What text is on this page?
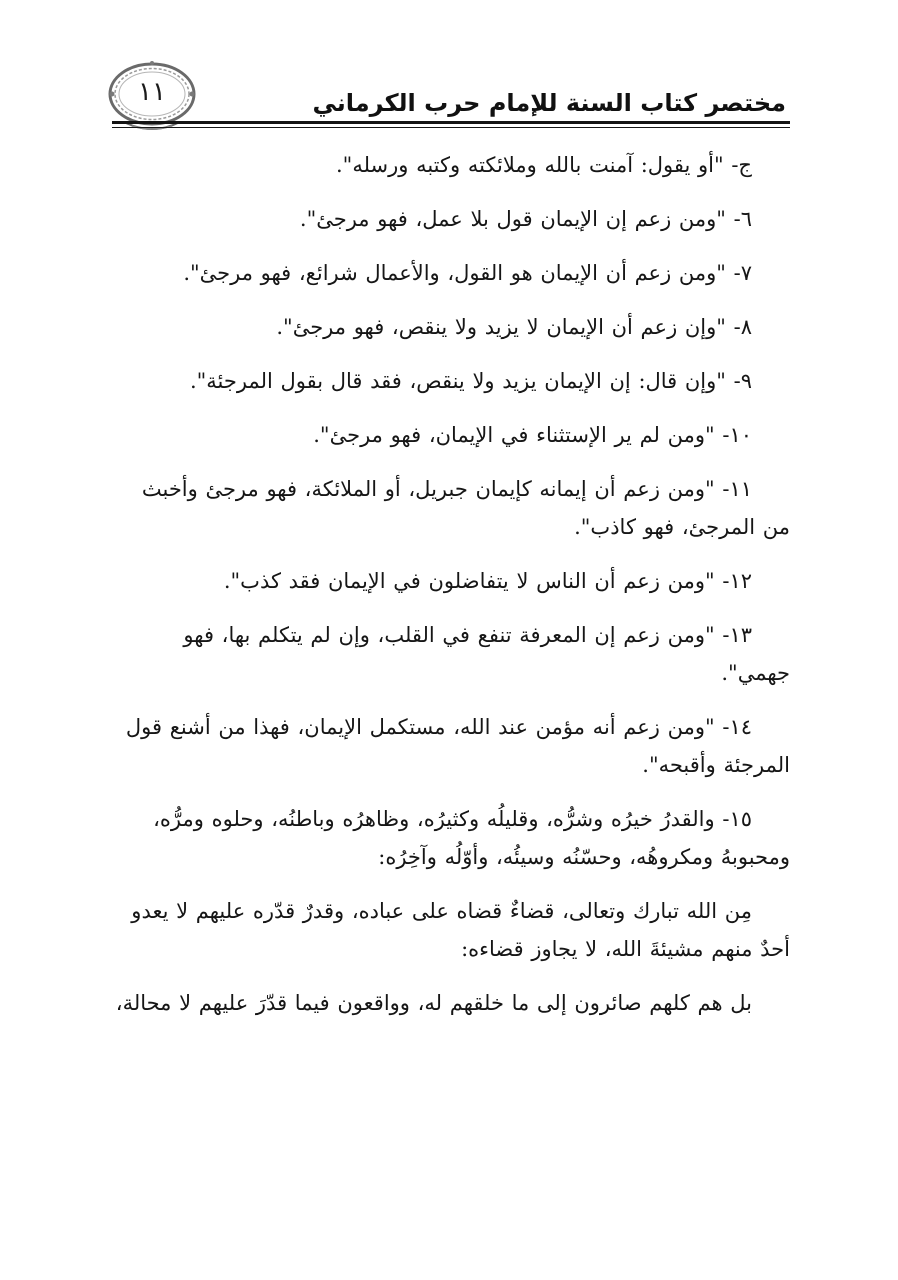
مختصر كتاب السنة للإمام حرب الكرماني
١١

ج- "أو يقول: آمنت بالله وملائكته وكتبه ورسله".

٦- "ومن زعم إن الإيمان قول بلا عمل، فهو مرجئ".

٧- "ومن زعم أن الإيمان هو القول، والأعمال شرائع، فهو مرجئ".

٨- "وإن زعم أن الإيمان لا يزيد ولا ينقص، فهو مرجئ".

٩- "وإن قال: إن الإيمان يزيد ولا ينقص، فقد قال بقول المرجئة".

١٠- "ومن لم ير الإستثناء في الإيمان، فهو مرجئ".

١١- "ومن زعم أن إيمانه كإيمان جبريل، أو الملائكة، فهو مرجئ وأخبث من المرجئ، فهو كاذب".

١٢- "ومن زعم أن الناس لا يتفاضلون في الإيمان فقد كذب".

١٣- "ومن زعم إن المعرفة تنفع في القلب، وإن لم يتكلم بها، فهو جهمي".

١٤- "ومن زعم أنه مؤمن عند الله، مستكمل الإيمان، فهذا من أشنع قول المرجئة وأقبحه".

١٥- والقدرُ خيرُه وشرُّه، وقليلُه وكثيرُه، وظاهرُه وباطنُه، وحلوه ومرُّه، ومحبوبهُ ومكروهُه، وحسّنُه وسيئُه، وأوّلُه وآخِرُه:

مِن الله تبارك وتعالى، قضاءٌ قضاه على عباده، وقدرٌ قدّره عليهم لا يعدو أحدٌ منهم مشيئةَ الله، لا يجاوز قضاءه:

بل هم كلهم صائرون إلى ما خلقهم له، وواقعون فيما قدّرَ عليهم لا محالة،
